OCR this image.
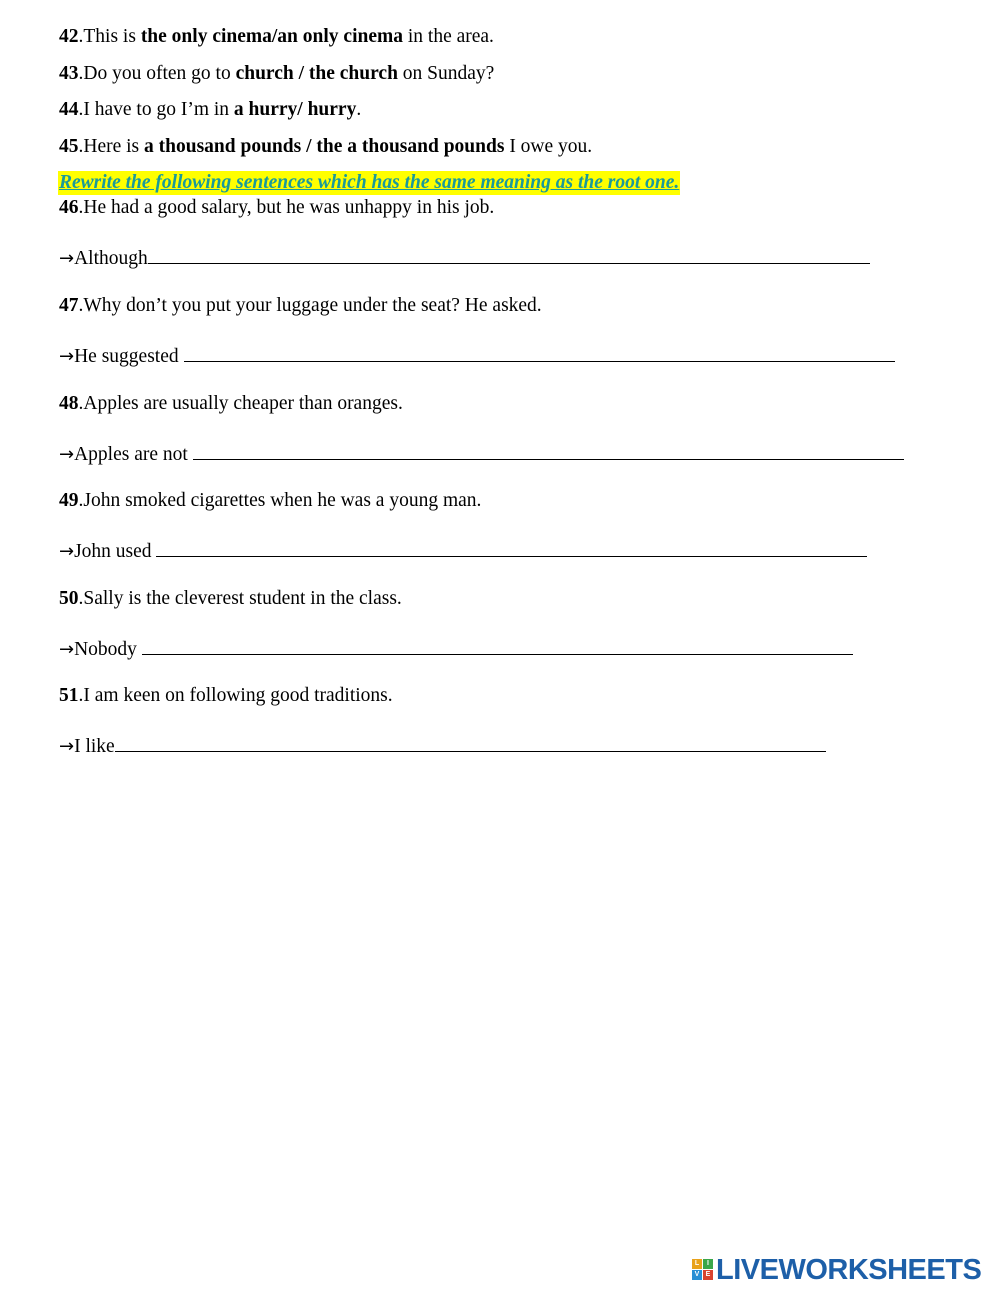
42.This is the only cinema/an only cinema in the area.
43.Do you often go to church / the church on Sunday?
44.I have to go I’m in a hurry/ hurry.
45.Here is a thousand pounds / the a thousand pounds I owe you.
Rewrite the following sentences which has the same meaning as the root one.
46.He had a good salary, but he was unhappy in his job.
→Although
47.Why don’t you put your luggage under the seat? He asked.
→He suggested
48.Apples are usually cheaper than oranges.
→Apples are not
49.John smoked cigarettes when he was a young man.
→John used
50.Sally is the cleverest student in the class.
→Nobody
51.I am keen on following good traditions.
→I like
L	I
V E LIVEWORKSHEETS
